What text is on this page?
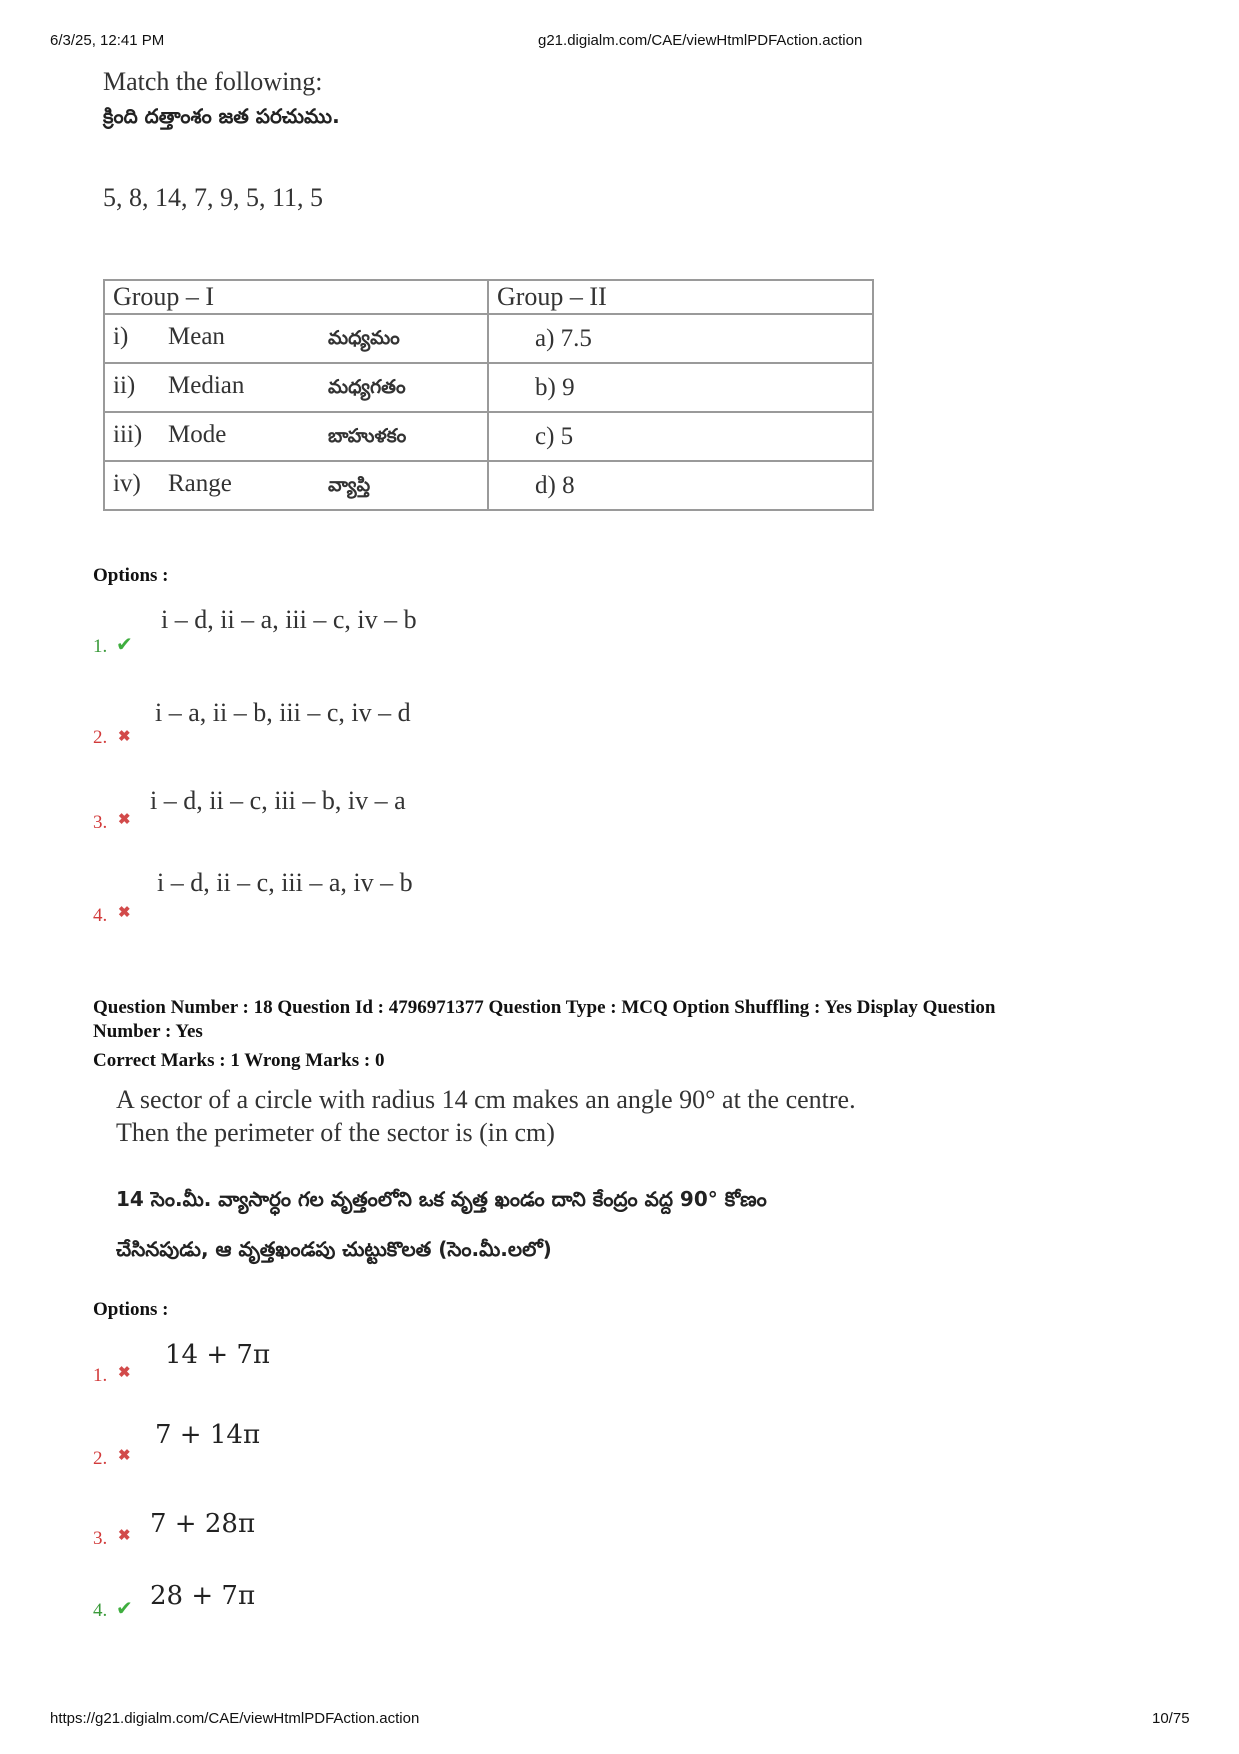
6/3/25, 12:41 PM	g21.digialm.com/CAE/viewHtmlPDFAction.action
Match the following:
క్రింది దత్తాంశం జత పరచుము.
5, 8, 14, 7, 9, 5, 11, 5
Group – I	Group – II
i) Mean మధ్యమం	a) 7.5
ii) Median మధ్యగతం	b) 9
iii) Mode బాహుళకం	c) 5
iv) Range వ్యాప్తి	d) 8
Options :
1. ✔
i – d, ii – a, iii – c, iv – b
2. ✖
i – a, ii – b, iii – c, iv – d
3. ✖
i – d, ii – c, iii – b, iv – a
4. ✖
i – d, ii – c, iii – a, iv – b
Question Number : 18 Question Id : 4796971377 Question Type : MCQ Option Shuffling : Yes Display Question
Number : Yes
Correct Marks : 1 Wrong Marks : 0
A sector of a circle with radius 14 cm makes an angle 90° at the centre.
Then the perimeter of the sector is (in cm)
14 సెం.మీ. వ్యాసార్ధం గల వృత్తంలోని ఒక వృత్త ఖండం దాని కేంద్రం వద్ద 90° కోణం
చేసినపుడు, ఆ వృత్తఖండపు చుట్టుకొలత (సెం.మీ.లలో)
Options :
1. ✖
14 + 7π
2. ✖
7 + 14π
3. ✖ 7 + 28π
4. ✔ 28 + 7π
https://g21.digialm.com/CAE/viewHtmlPDFAction.action	10/75
